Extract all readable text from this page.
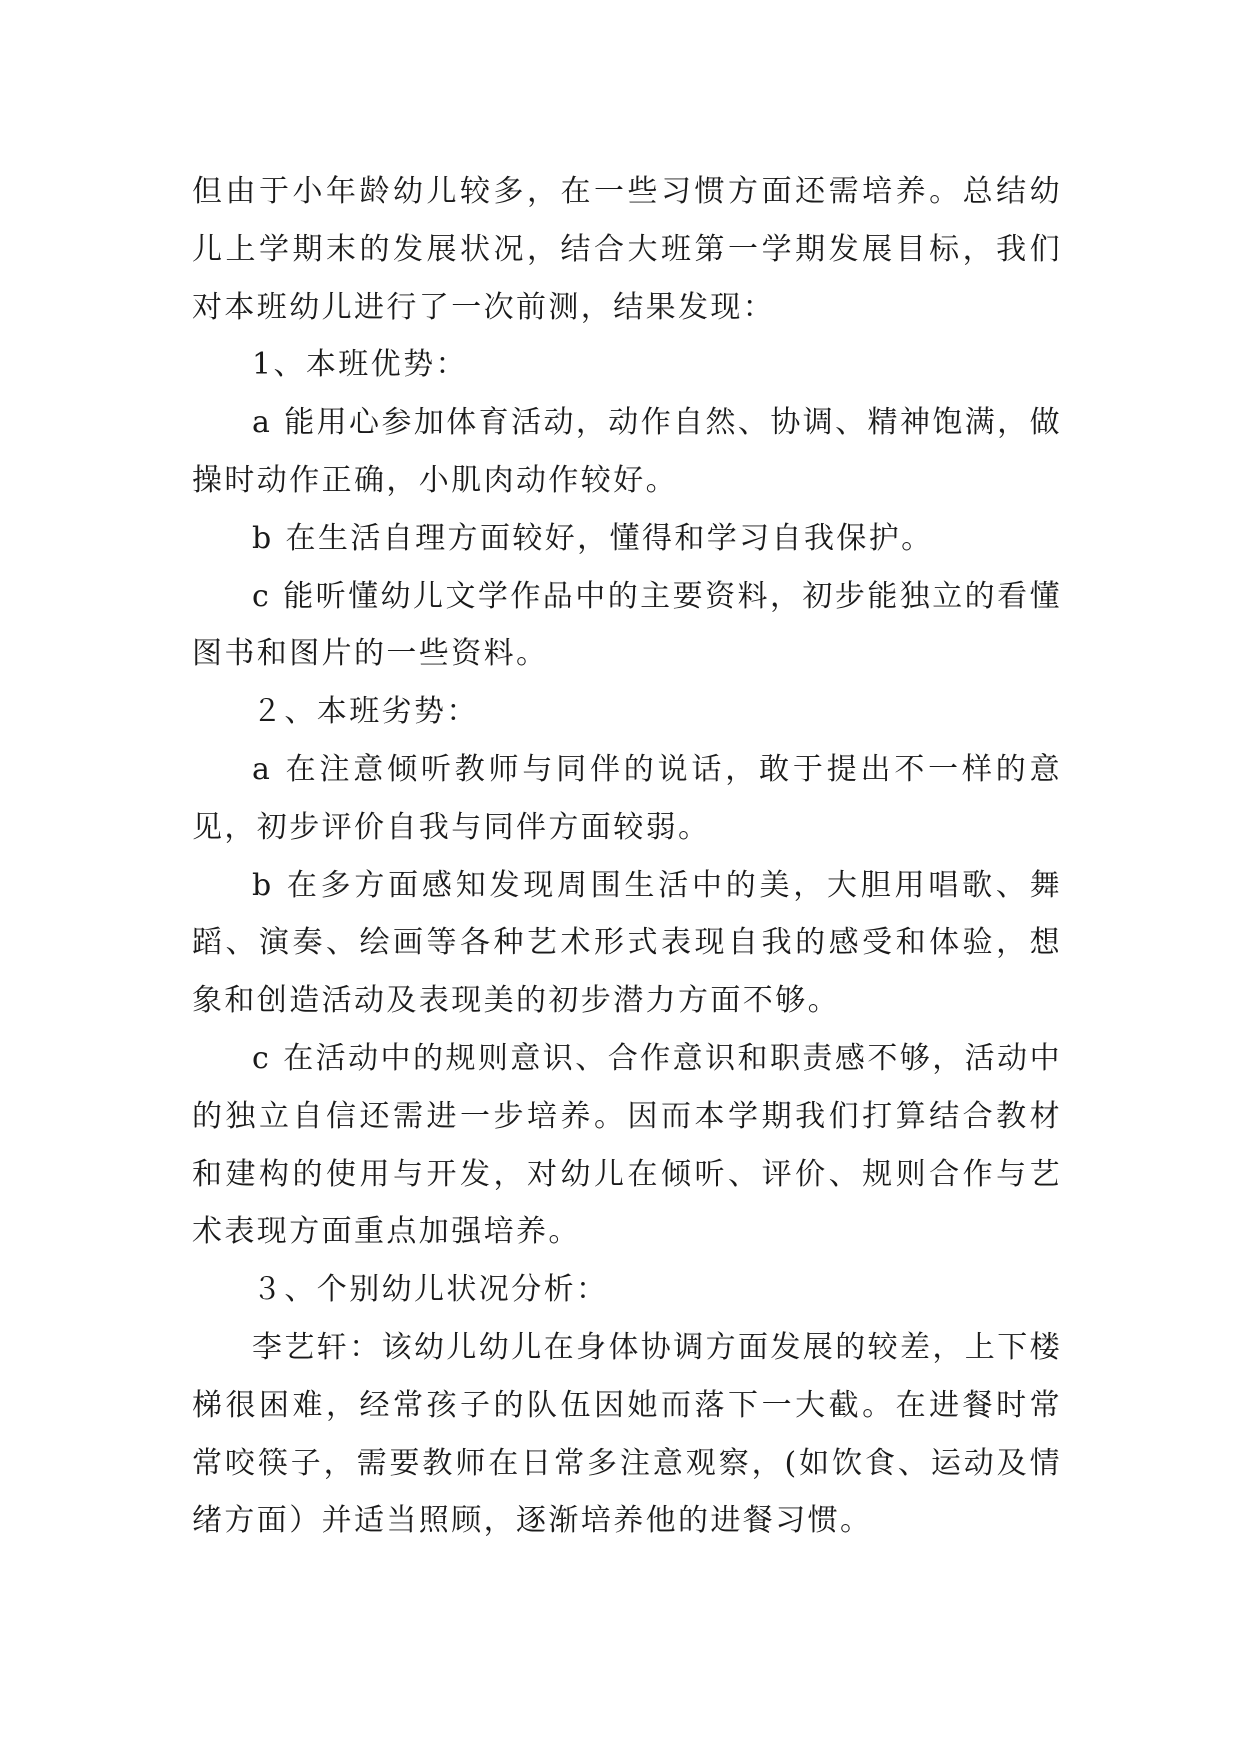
但由于小年龄幼儿较多，在一些习惯方面还需培养。总结幼儿上学期末的发展状况，结合大班第一学期发展目标，我们对本班幼儿进行了一次前测，结果发现：

1、本班优势：

a 能用心参加体育活动，动作自然、协调、精神饱满，做操时动作正确，小肌肉动作较好。

b 在生活自理方面较好，懂得和学习自我保护。

c 能听懂幼儿文学作品中的主要资料，初步能独立的看懂图书和图片的一些资料。

２、本班劣势：

a 在注意倾听教师与同伴的说话，敢于提出不一样的意见，初步评价自我与同伴方面较弱。

b 在多方面感知发现周围生活中的美，大胆用唱歌、舞蹈、演奏、绘画等各种艺术形式表现自我的感受和体验，想象和创造活动及表现美的初步潜力方面不够。

c 在活动中的规则意识、合作意识和职责感不够，活动中的独立自信还需进一步培养。因而本学期我们打算结合教材和建构的使用与开发，对幼儿在倾听、评价、规则合作与艺术表现方面重点加强培养。

３、个别幼儿状况分析：

李艺轩：该幼儿幼儿在身体协调方面发展的较差，上下楼梯很困难，经常孩子的队伍因她而落下一大截。在进餐时常常咬筷子，需要教师在日常多注意观察，(如饮食、运动及情绪方面）并适当照顾，逐渐培养他的进餐习惯。
